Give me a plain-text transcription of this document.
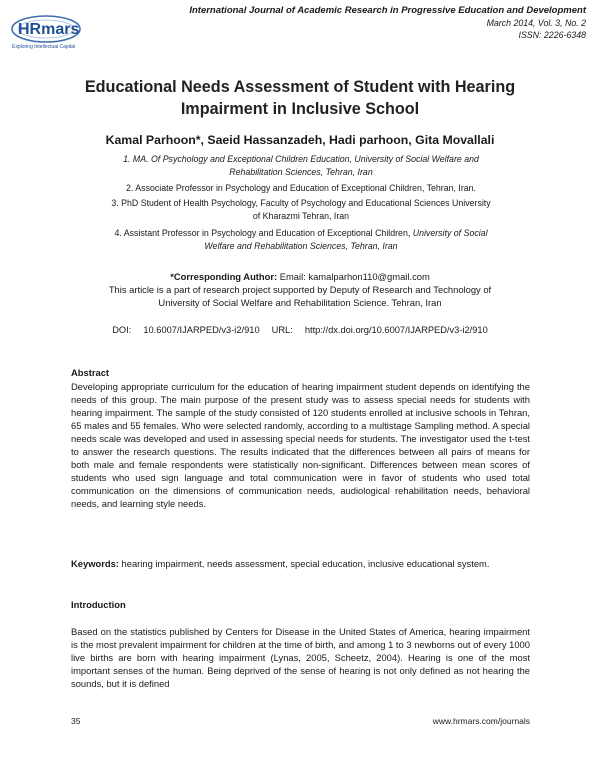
HRmars
Exploring Intellectual Capital
International Journal of Academic Research in Progressive Education and Development
March 2014, Vol. 3, No. 2
ISSN: 2226-6348
Educational Needs Assessment of Student with Hearing
Impairment in Inclusive School
Kamal Parhoon*, Saeid Hassanzadeh, Hadi parhoon, Gita Movallali
1. MA. Of Psychology and Exceptional Children Education, University of Social Welfare and
Rehabilitation Sciences, Tehran, Iran
2. Associate Professor in Psychology and Education of Exceptional Children, Tehran, Iran.
3. PhD Student of Health Psychology, Faculty of Psychology and Educational Sciences University
of Kharazmi Tehran, Iran
4. Assistant Professor in Psychology and Education of Exceptional Children, University of Social
Welfare and Rehabilitation Sciences, Tehran, Iran
*Corresponding Author: Email: kamalparhon110@gmail.com
This article is a part of research project supported by Deputy of Research and Technology of
University of Social Welfare and Rehabilitation Science. Tehran, Iran
DOI: 10.6007/IJARPED/v3-i2/910 URL: http://dx.doi.org/10.6007/IJARPED/v3-i2/910
Abstract
Developing appropriate curriculum for the education of hearing impairment student depends on identifying the needs of this group. The main purpose of the present study was to assess special needs for students with hearing impairment. The sample of the study consisted of 120 students enrolled at inclusive schools in Tehran, 65 males and 55 females. Who were selected randomly, according to a multistage Sampling method. A special needs scale was developed and used in assessing special needs for students. The investigator used the t-test to answer the research questions. The results indicated that the differences between all pairs of means for both male and female respondents were statistically non-significant. Differences between mean scores of students who used sign language and total communication were in favor of students who used total communication on the dimensions of communication needs, audiological rehabilitation needs, behavioral needs, and learning style needs.
Keywords: hearing impairment, needs assessment, special education, inclusive educational system.
Introduction
Based on the statistics published by Centers for Disease in the United States of America, hearing impairment is the most prevalent impairment for children at the time of birth, and among 1 to 3 newborns out of every 1000 live births are born with hearing impairment (Lynas, 2005, Scheetz, 2004). Hearing is one of the most important senses of the human. Being deprived of the sense of hearing is not only defined as not hearing the sounds, but it is defined
35	www.hrmars.com/journals
